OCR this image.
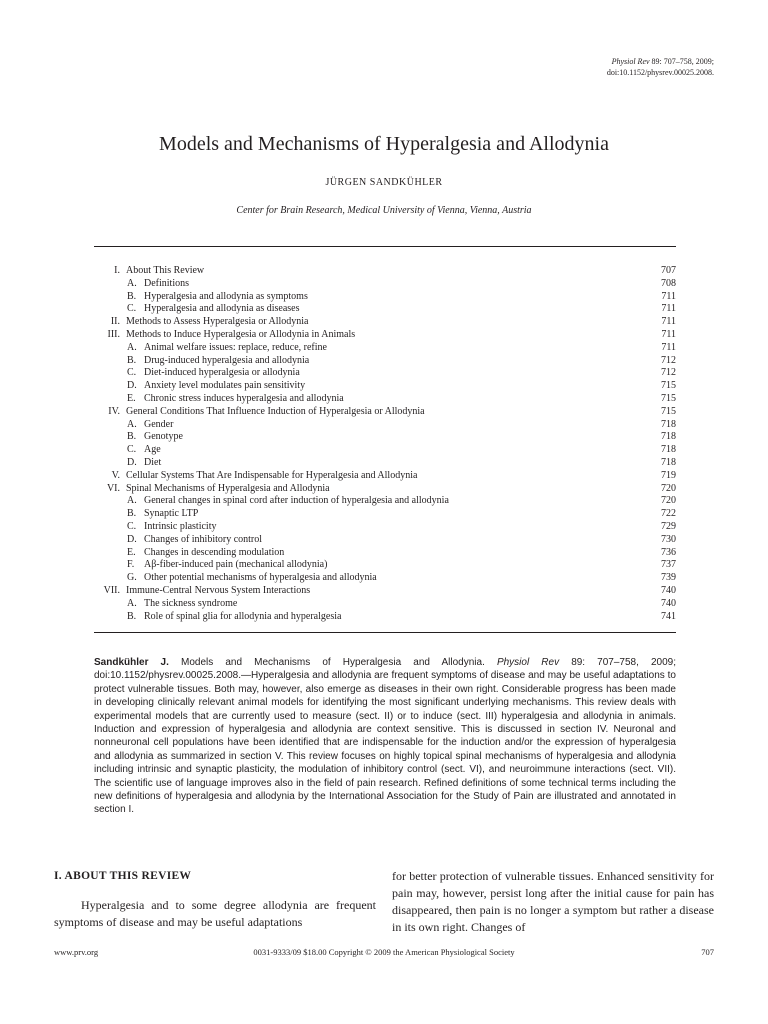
Physiol Rev 89: 707–758, 2009;
doi:10.1152/physrev.00025.2008.
Models and Mechanisms of Hyperalgesia and Allodynia
JÜRGEN SANDKÜHLER
Center for Brain Research, Medical University of Vienna, Vienna, Austria
I. About This Review	707
A. Definitions	708
B. Hyperalgesia and allodynia as symptoms	711
C. Hyperalgesia and allodynia as diseases	711
II. Methods to Assess Hyperalgesia or Allodynia	711
III. Methods to Induce Hyperalgesia or Allodynia in Animals	711
A. Animal welfare issues: replace, reduce, refine	711
B. Drug-induced hyperalgesia and allodynia	712
C. Diet-induced hyperalgesia or allodynia	712
D. Anxiety level modulates pain sensitivity	715
E. Chronic stress induces hyperalgesia and allodynia	715
IV. General Conditions That Influence Induction of Hyperalgesia or Allodynia	715
A. Gender	718
B. Genotype	718
C. Age	718
D. Diet	718
V. Cellular Systems That Are Indispensable for Hyperalgesia and Allodynia	719
VI. Spinal Mechanisms of Hyperalgesia and Allodynia	720
A. General changes in spinal cord after induction of hyperalgesia and allodynia	720
B. Synaptic LTP	722
C. Intrinsic plasticity	729
D. Changes of inhibitory control	730
E. Changes in descending modulation	736
F. Aβ-fiber-induced pain (mechanical allodynia)	737
G. Other potential mechanisms of hyperalgesia and allodynia	739
VII. Immune-Central Nervous System Interactions	740
A. The sickness syndrome	740
B. Role of spinal glia for allodynia and hyperalgesia	741
Sandkühler J. Models and Mechanisms of Hyperalgesia and Allodynia. Physiol Rev 89: 707–758, 2009; doi:10.1152/physrev.00025.2008.—Hyperalgesia and allodynia are frequent symptoms of disease and may be useful adaptations to protect vulnerable tissues. Both may, however, also emerge as diseases in their own right. Considerable progress has been made in developing clinically relevant animal models for identifying the most significant underlying mechanisms. This review deals with experimental models that are currently used to measure (sect. II) or to induce (sect. III) hyperalgesia and allodynia in animals. Induction and expression of hyperalgesia and allodynia are context sensitive. This is discussed in section IV. Neuronal and nonneuronal cell populations have been identified that are indispensable for the induction and/or the expression of hyperalgesia and allodynia as summarized in section V. This review focuses on highly topical spinal mechanisms of hyperalgesia and allodynia including intrinsic and synaptic plasticity, the modulation of inhibitory control (sect. VI), and neuroimmune interactions (sect. VII). The scientific use of language improves also in the field of pain research. Refined definitions of some technical terms including the new definitions of hyperalgesia and allodynia by the International Association for the Study of Pain are illustrated and annotated in section I.
I. ABOUT THIS REVIEW

Hyperalgesia and to some degree allodynia are frequent symptoms of disease and may be useful adaptations

for better protection of vulnerable tissues. Enhanced sensitivity for pain may, however, persist long after the initial cause for pain has disappeared, then pain is no longer a symptom but rather a disease in its own right. Changes of

www.prv.org	0031-9333/09 $18.00 Copyright © 2009 the American Physiological Society	707
